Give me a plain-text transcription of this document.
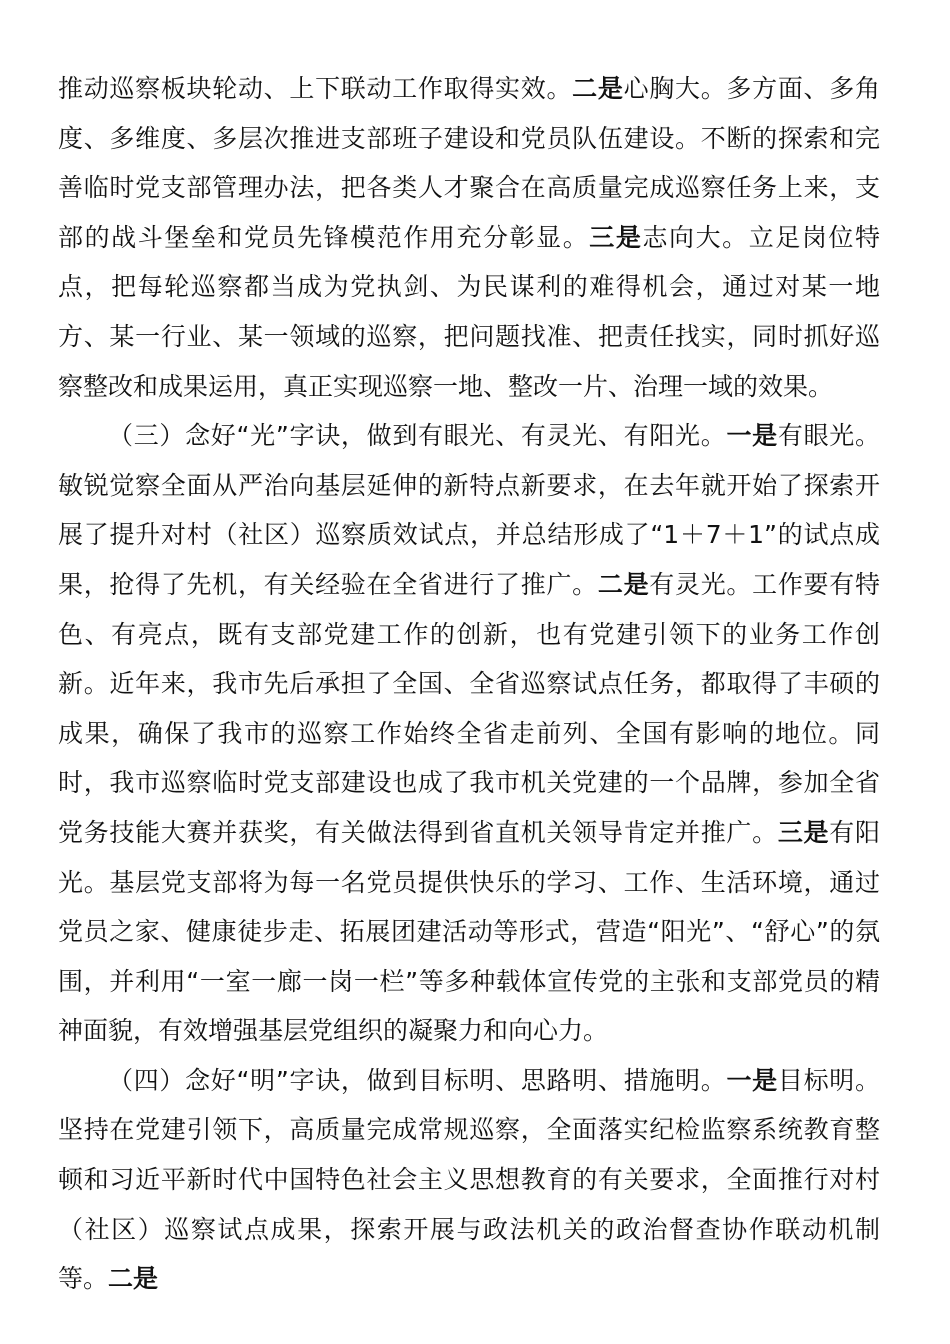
推动巡察板块轮动、上下联动工作取得实效。二是心胸大。多方面、多角度、多维度、多层次推进支部班子建设和党员队伍建设。不断的探索和完善临时党支部管理办法，把各类人才聚合在高质量完成巡察任务上来，支部的战斗堡垒和党员先锋模范作用充分彰显。三是志向大。立足岗位特点，把每轮巡察都当成为党执剑、为民谋利的难得机会，通过对某一地方、某一行业、某一领域的巡察，把问题找准、把责任找实，同时抓好巡察整改和成果运用，真正实现巡察一地、整改一片、治理一域的效果。

（三）念好“光”字诀，做到有眼光、有灵光、有阳光。一是有眼光。敏锐觉察全面从严治向基层延伸的新特点新要求，在去年就开始了探索开展了提升对村（社区）巡察质效试点，并总结形成了“1＋7＋1”的试点成果，抢得了先机，有关经验在全省进行了推广。二是有灵光。工作要有特色、有亮点，既有支部党建工作的创新，也有党建引领下的业务工作创新。近年来，我市先后承担了全国、全省巡察试点任务，都取得了丰硕的成果，确保了我市的巡察工作始终全省走前列、全国有影响的地位。同时，我市巡察临时党支部建设也成了我市机关党建的一个品牌，参加全省党务技能大赛并获奖，有关做法得到省直机关领导肯定并推广。三是有阳光。基层党支部将为每一名党员提供快乐的学习、工作、生活环境，通过党员之家、健康徒步走、拓展团建活动等形式，营造“阳光”、“舒心”的氛围，并利用“一室一廊一岗一栏”等多种载体宣传党的主张和支部党员的精神面貌，有效增强基层党组织的凝聚力和向心力。

（四）念好“明”字诀，做到目标明、思路明、措施明。一是目标明。坚持在党建引领下，高质量完成常规巡察，全面落实纪检监察系统教育整顿和习近平新时代中国特色社会主义思想教育的有关要求，全面推行对村（社区）巡察试点成果，探索开展与政法机关的政治督查协作联动机制等。二是
